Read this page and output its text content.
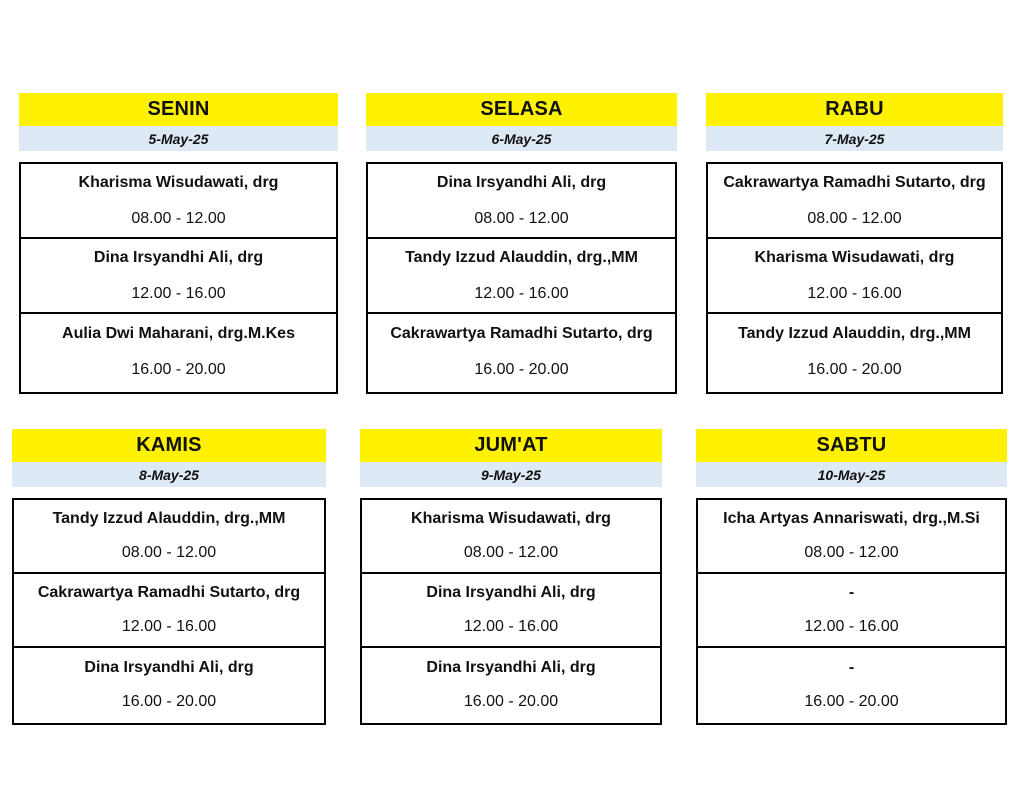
SENIN
5-May-25
Kharisma Wisudawati, drg
08.00 - 12.00
Dina Irsyandhi Ali, drg
12.00 - 16.00
Aulia Dwi Maharani, drg.M.Kes
16.00 - 20.00
SELASA
6-May-25
Dina Irsyandhi Ali, drg
08.00 - 12.00
Tandy Izzud Alauddin, drg.,MM
12.00 - 16.00
Cakrawartya Ramadhi Sutarto, drg
16.00 - 20.00
RABU
7-May-25
Cakrawartya Ramadhi Sutarto, drg
08.00 - 12.00
Kharisma Wisudawati, drg
12.00 - 16.00
Tandy Izzud Alauddin, drg.,MM
16.00 - 20.00
KAMIS
8-May-25
Tandy Izzud Alauddin, drg.,MM
08.00 - 12.00
Cakrawartya Ramadhi Sutarto, drg
12.00 - 16.00
Dina Irsyandhi Ali, drg
16.00 - 20.00
JUM'AT
9-May-25
Kharisma Wisudawati, drg
08.00 - 12.00
Dina Irsyandhi Ali, drg
12.00 - 16.00
Dina Irsyandhi Ali, drg
16.00 - 20.00
SABTU
10-May-25
Icha Artyas Annariswati, drg.,M.Si
08.00 - 12.00
-
12.00 - 16.00
-
16.00 - 20.00
